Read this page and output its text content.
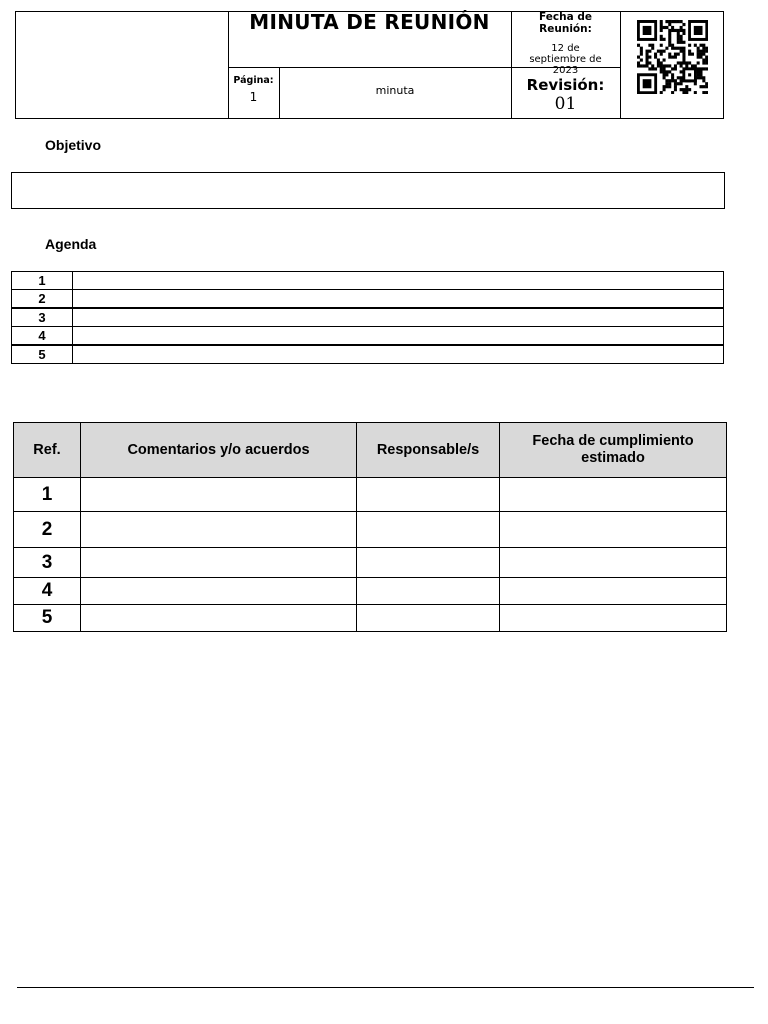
MINUTA DE REUNIÓN	Fecha de Reunión:
12 de septiembre de 2023
Página:
1	minuta	Revisión:
01
Objetivo
Agenda
1
2
3
4
5
Ref.	Comentarios y/o acuerdos	Responsable/s	Fecha de cumplimiento estimado
1			
2			
3			
4			
5			
